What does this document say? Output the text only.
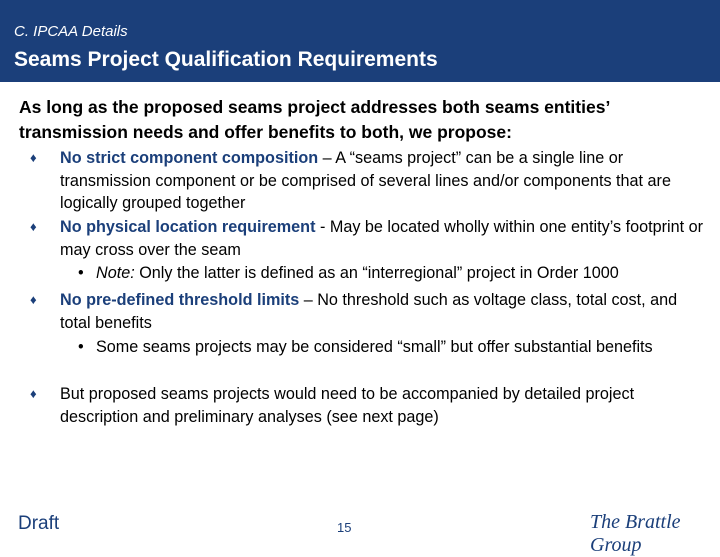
C. IPCAA Details
Seams Project Qualification Requirements
As long as the proposed seams project addresses both seams entities’ transmission needs and offer benefits to both, we propose:
♦ No strict component composition – A “seams project” can be a single line or transmission component or be comprised of several lines and/or components that are logically grouped together
♦ No physical location requirement - May be located wholly within one entity’s footprint or may cross over the seam
• Note: Only the latter is defined as an “interregional” project in Order 1000
♦ No pre-defined threshold limits – No threshold such as voltage class, total cost, and total benefits
• Some seams projects may be considered “small” but offer substantial benefits
♦ But proposed seams projects would need to be accompanied by detailed project description and preliminary analyses (see next page)
Draft	15	The Brattle Group
